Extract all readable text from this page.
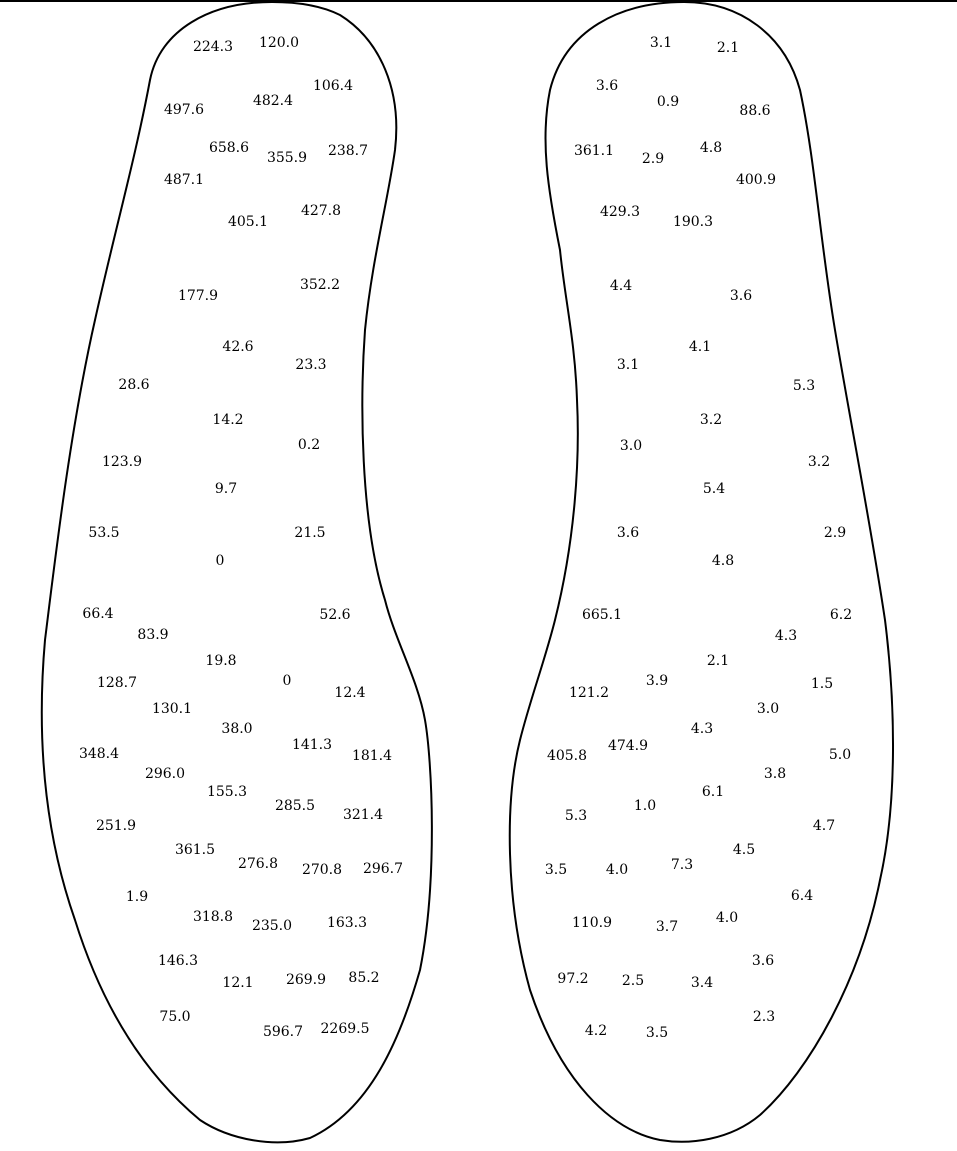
224.3 120.0
106.4
497.6
482.4
658.6
355.9 238.7
487.1
405.1
427.8
177.9
352.2
42.6
23.3
28.6
14.2
0.2
123.9
9.7
53.5	21.5
0
66.4	52.6
83.9
19.8
128.7	0
12.4
130.1
38.0
348.4
141.3
181.4
296.0
155.3
285.5
321.4
251.9
361.5
276.8 270.8 296.7
1.9
318.8
235.0 163.3
146.3
12.1 269.9 85.2
75.0
596.7 2269.5
3.1	2.1
3.6
0.9
88.6
361.1 2.9
4.8
400.9
429.3
190.3
4.4
3.6
4.1
3.1
5.3
3.2
3.0
3.2
5.4
3.6	2.9
4.8
665.1	6.2
4.3
2.1
3.9
121.2
1.5
3.0
4.3
474.9
405.8	5.0
3.8
6.1
1.0
5.3
4.7
4.5
3.5	4.0	7.3
6.4
110.9	3.7
4.0
97.2 2.5	3.4
3.6
4.2	3.5
2.3
